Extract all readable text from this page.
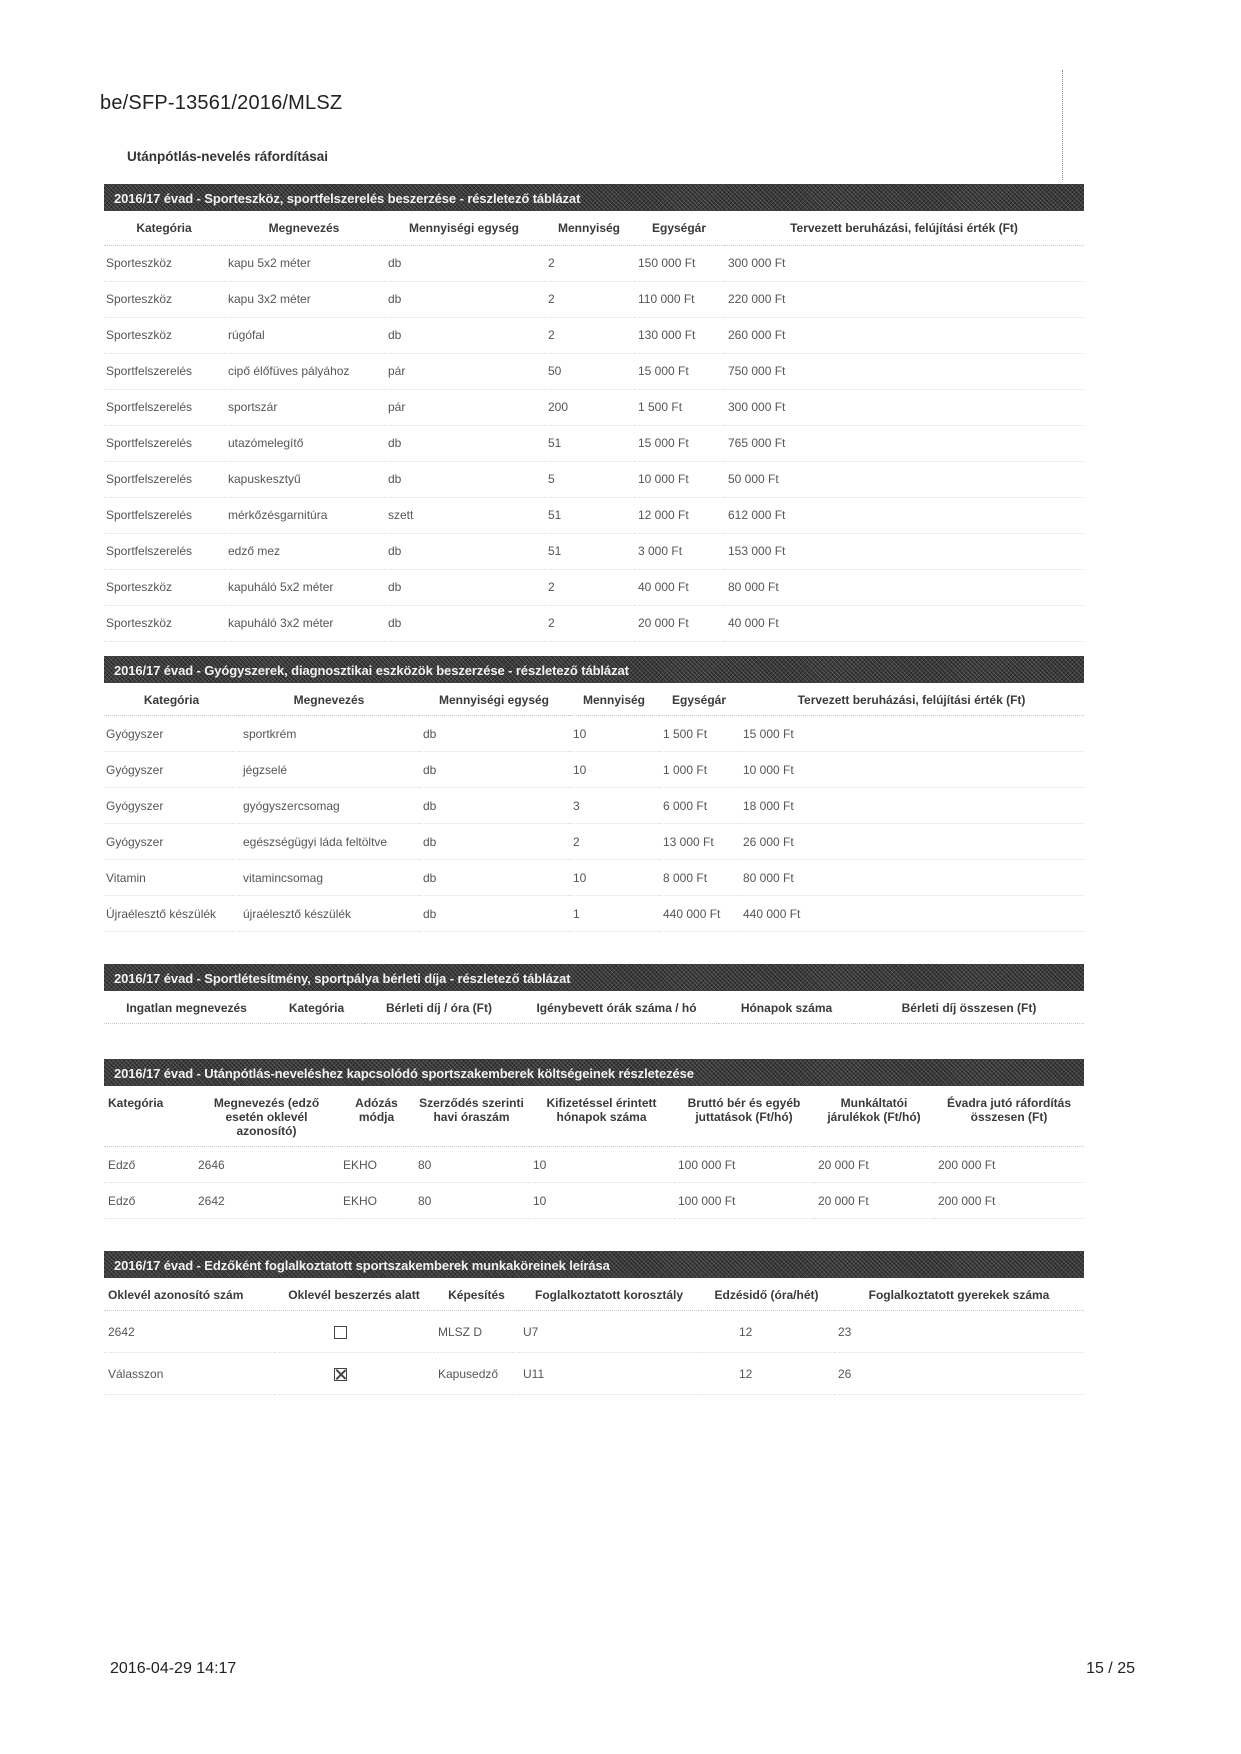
be/SFP-13561/2016/MLSZ
Utánpótlás-nevelés ráfordításai
2016/17 évad - Sporteszköz, sportfelszerelés beszerzése - részletező táblázat
Kategória	Megnevezés	Mennyiségi egység	Mennyiség	Egységár	Tervezett beruházási, felújítási érték (Ft)
Sporteszköz	kapu 5x2 méter	db	2	150 000 Ft	300 000 Ft
Sporteszköz	kapu 3x2 méter	db	2	110 000 Ft	220 000 Ft
Sporteszköz	rúgófal	db	2	130 000 Ft	260 000 Ft
Sportfelszerelés	cipő élőfüves pályához	pár	50	15 000 Ft	750 000 Ft
Sportfelszerelés	sportszár	pár	200	1 500 Ft	300 000 Ft
Sportfelszerelés	utazómelegítő	db	51	15 000 Ft	765 000 Ft
Sportfelszerelés	kapuskesztyű	db	5	10 000 Ft	50 000 Ft
Sportfelszerelés	mérkőzésgarnitúra	szett	51	12 000 Ft	612 000 Ft
Sportfelszerelés	edző mez	db	51	3 000 Ft	153 000 Ft
Sporteszköz	kapuháló 5x2 méter	db	2	40 000 Ft	80 000 Ft
Sporteszköz	kapuháló 3x2 méter	db	2	20 000 Ft	40 000 Ft
2016/17 évad - Gyógyszerek, diagnosztikai eszközök beszerzése - részletező táblázat
Kategória	Megnevezés	Mennyiségi egység	Mennyiség	Egységár	Tervezett beruházási, felújítási érték (Ft)
Gyógyszer	sportkrém	db	10	1 500 Ft	15 000 Ft
Gyógyszer	jégzselé	db	10	1 000 Ft	10 000 Ft
Gyógyszer	gyógyszercsomag	db	3	6 000 Ft	18 000 Ft
Gyógyszer	egészségügyi láda feltöltve	db	2	13 000 Ft	26 000 Ft
Vitamin	vitamincsomag	db	10	8 000 Ft	80 000 Ft
Újraélesztő készülék	újraélesztő készülék	db	1	440 000 Ft	440 000 Ft
2016/17 évad - Sportlétesítmény, sportpálya bérleti díja - részletező táblázat
Ingatlan megnevezés	Kategória	Bérleti díj / óra (Ft)	Igénybevett órák száma / hó	Hónapok száma	Bérleti díj összesen (Ft)
2016/17 évad - Utánpótlás-neveléshez kapcsolódó sportszakemberek költségeinek részletezése
Kategória	Megnevezés (edző esetén oklevél azonosító)	Adózás módja	Szerződés szerinti havi óraszám	Kifizetéssel érintett hónapok száma	Bruttó bér és egyéb juttatások (Ft/hó)	Munkáltatói járulékok (Ft/hó)	Évadra jutó ráfordítás összesen (Ft)
Edző	2646	EKHO	80	10	100 000 Ft	20 000 Ft	200 000 Ft
Edző	2642	EKHO	80	10	100 000 Ft	20 000 Ft	200 000 Ft
2016/17 évad - Edzőként foglalkoztatott sportszakemberek munkaköreinek leírása
Oklevél azonosító szám	Oklevél beszerzés alatt	Képesítés	Foglalkoztatott korosztály	Edzésidő (óra/hét)	Foglalkoztatott gyerekek száma
2642		MLSZ D	U7	12	23
Válasszon		Kapusedző	U11	12	26
2016-04-29 14:17	15 / 25
